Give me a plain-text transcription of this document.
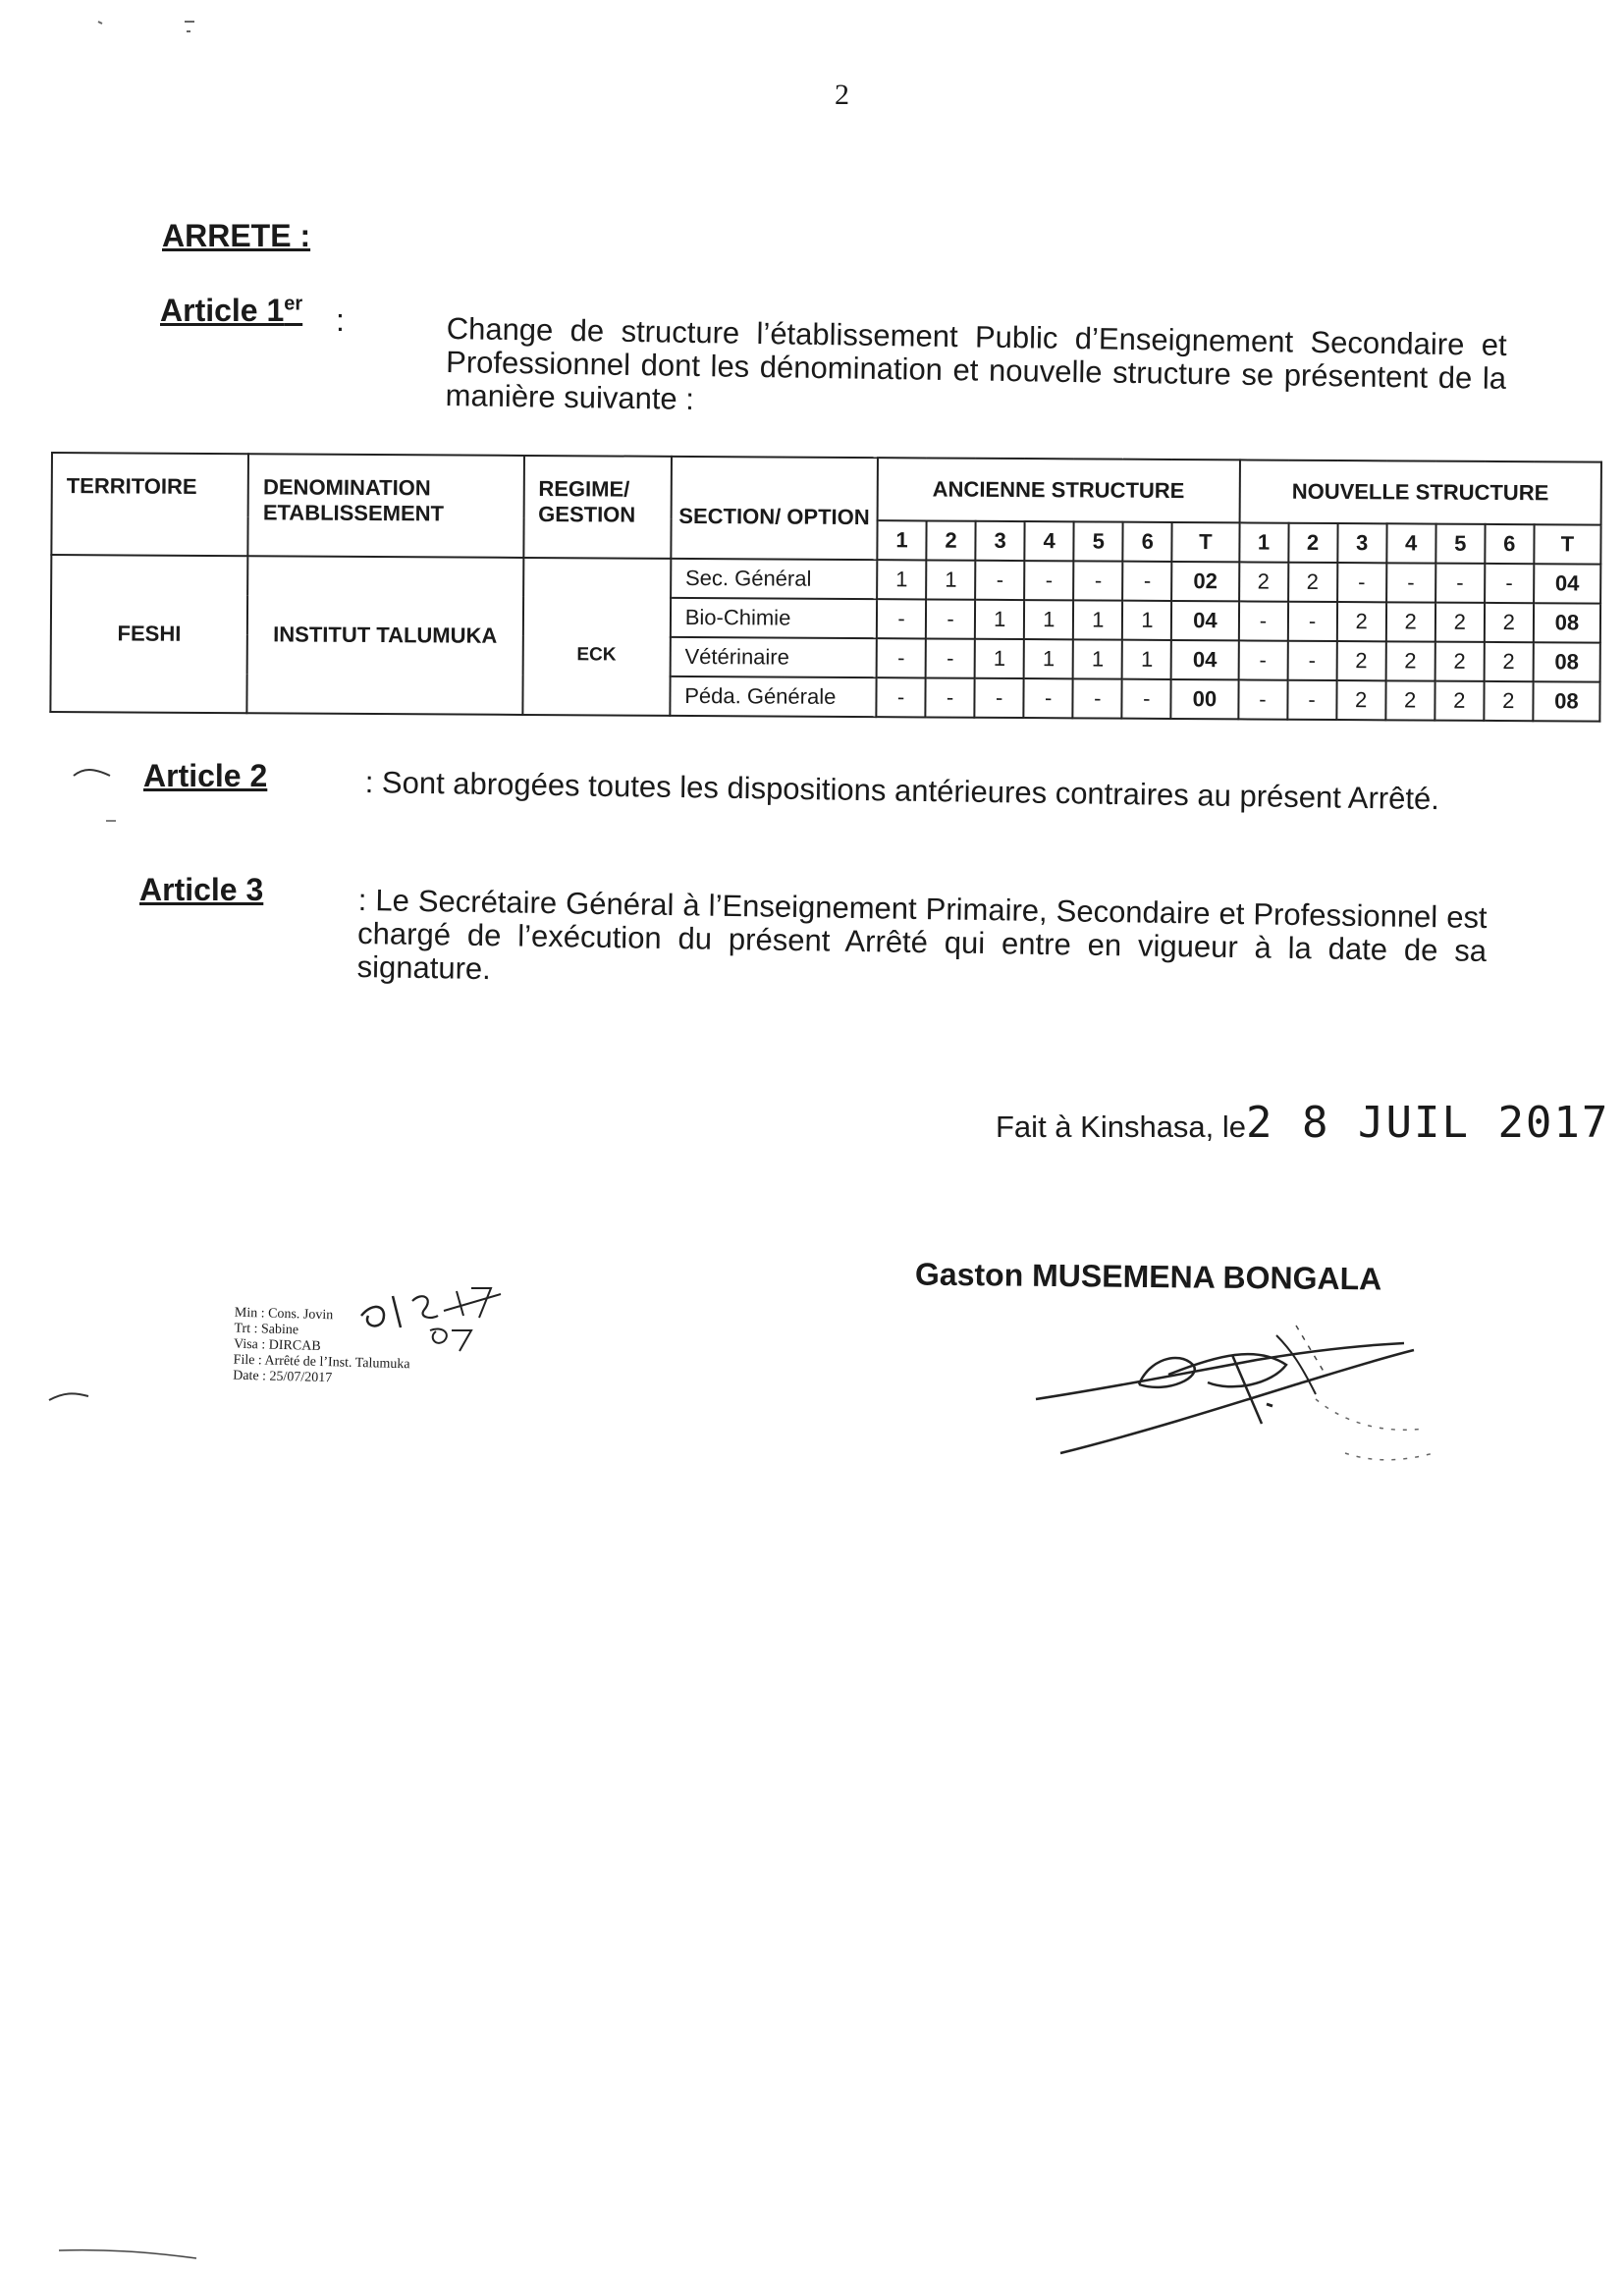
2
ARRETE :
Article 1er :	Change de structure l’établissement Public d’Enseignement Secondaire et Professionnel dont les dénomination et nouvelle structure se présentent de la manière suivante :
TERRITOIRE	DENOMINATION ETABLISSEMENT	REGIME/ GESTION	SECTION/ OPTION	ANCIENNE STRUCTURE							NOUVELLE STRUCTURE						
				1	2	3	4	5	6	T	1	2	3	4	5	6	T
FESHI	INSTITUT TALUMUKA	ECK	Sec. Général	1	1	-	-	-	-	02	2	2	-	-	-	-	04
			Bio-Chimie	-	-	1	1	1	1	04	-	-	2	2	2	2	08
			Vétérinaire	-	-	1	1	1	1	04	-	-	2	2	2	2	08
			Péda. Générale	-	-	-	-	-	-	00	-	-	2	2	2	2	08
Article 2	: Sont abrogées toutes les dispositions antérieures contraires au présent Arrêté.
Article 3	: Le Secrétaire Général à l’Enseignement Primaire, Secondaire et Professionnel est chargé de l’exécution du présent Arrêté qui entre en vigueur à la date de sa signature.
Fait à Kinshasa, le2 8 JUIL 2017
Gaston MUSEMENA BONGALA
Min : Cons. Jovin
Trt : Sabine
Visa : DIRCAB
File : Arrêté de l’Inst. Talumuka
Date : 25/07/2017
